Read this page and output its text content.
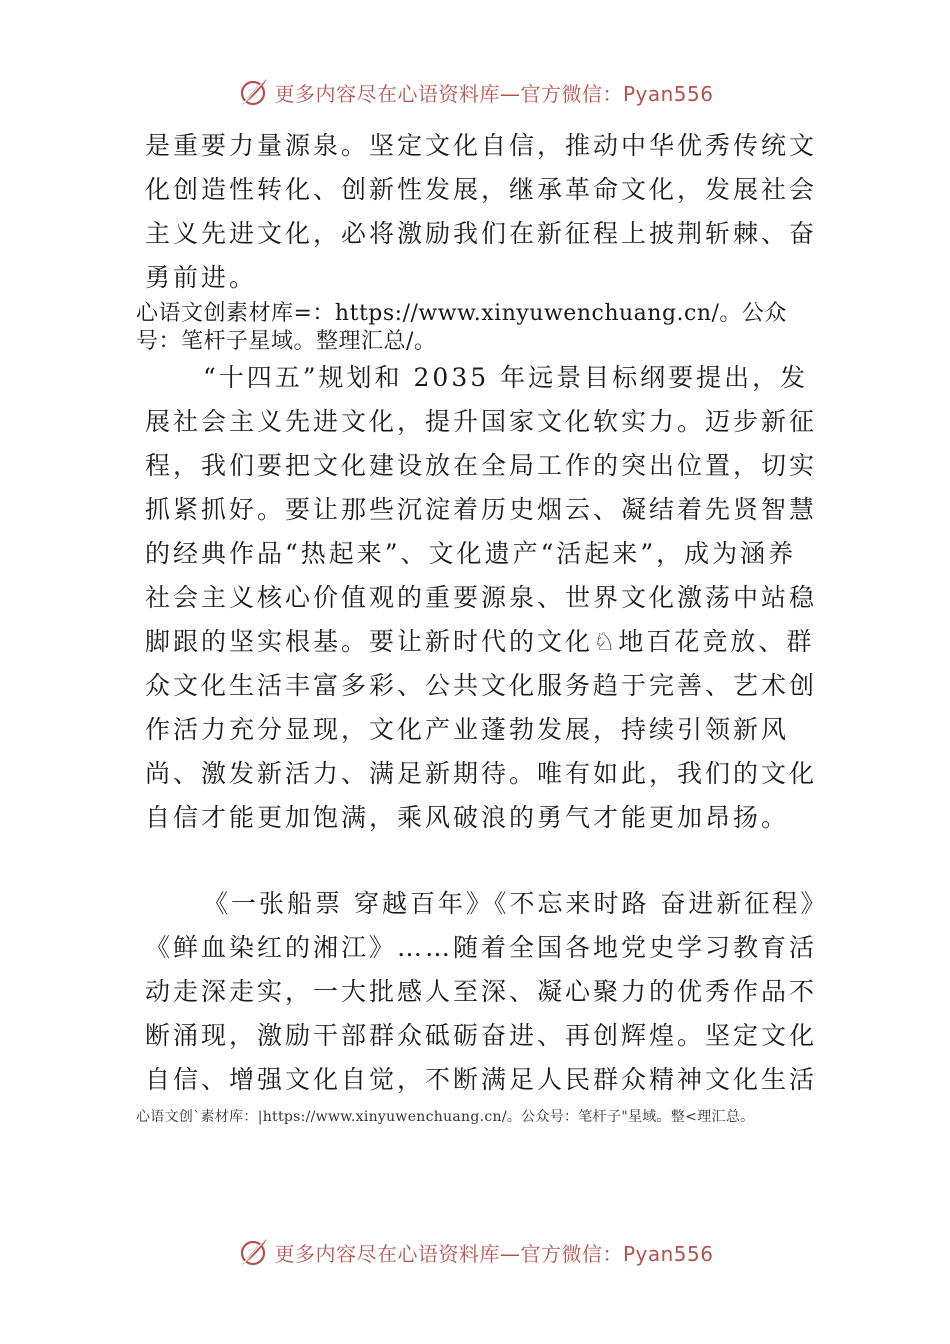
更多内容尽在心语资料库—官方微信：Pyan556

是重要力量源泉。坚定文化自信，推动中华优秀传统文化创造性转化、创新性发展，继承革命文化，发展社会主义先进文化，必将激励我们在新征程上披荆斩棘、奋勇前进。

心语文创素材库=：https://www.xinyuwenchuang.cn/。公众号：笔杆子星域。整理汇总/。

“十四五”规划和 2035 年远景目标纲要提出，发展社会主义先进文化，提升国家文化软实力。迈步新征程，我们要把文化建设放在全局工作的突出位置，切实抓紧抓好。要让那些沉淀着历史烟云、凝结着先贤智慧的经典作品“热起来”、文化遗产“活起来”，成为涵养社会主义核心价值观的重要源泉、世界文化激荡中站稳脚跟的坚实根基。要让新时代的文化♘地百花竞放、群众文化生活丰富多彩、公共文化服务趋于完善、艺术创作活力充分显现，文化产业蓬勃发展，持续引领新风尚、激发新活力、满足新期待。唯有如此，我们的文化自信才能更加饱满，乘风破浪的勇气才能更加昂扬。

《一张船票 穿越百年》《不忘来时路 奋进新征程》《鲜血染红的湘江》……随着全国各地党史学习教育活动走深走实，一大批感人至深、凝心聚力的优秀作品不断涌现，激励干部群众砥砺奋进、再创辉煌。坚定文化自信、增强文化自觉，不断满足人民群众精神文化生活

心语文创`素材库：|https://www.xinyuwenchuang.cn/。公众号：笔杆子"星域。整<理汇总。

更多内容尽在心语资料库—官方微信：Pyan556
